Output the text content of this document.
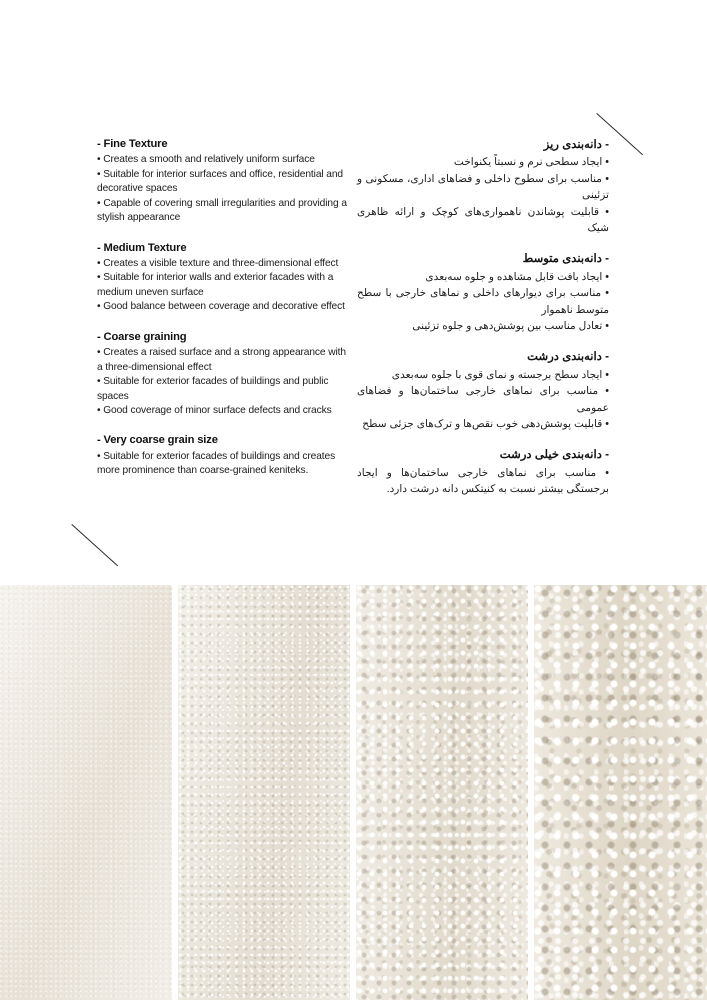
- Fine Texture
• Creates a smooth and relatively uniform surface
• Suitable for interior surfaces and office, residential and decorative spaces
• Capable of covering small irregularities and providing a stylish appearance
- Medium Texture
• Creates a visible texture and three-dimensional effect
• Suitable for interior walls and exterior facades with a medium uneven surface
• Good balance between coverage and decorative effect
- Coarse graining
• Creates a raised surface and a strong appearance with a three-dimensional effect
• Suitable for exterior facades of buildings and public spaces
• Good coverage of minor surface defects and cracks
- Very coarse grain size
• Suitable for exterior facades of buildings and creates more prominence than coarse-grained keniteks.
- دانه‌بندی ریز
• ایجاد سطحی نرم و نسبتاً یکنواخت
• مناسب برای سطوح داخلی و فضاهای اداری، مسکونی و تزئینی
• قابلیت پوشاندن ناهمواری‌های کوچک و ارائه ظاهری شیک
- دانه‌بندی متوسط
• ایجاد بافت قابل مشاهده و جلوه سه‌بعدی
• مناسب برای دیوارهای داخلی و نماهای خارجی با سطح متوسط ناهموار
• تعادل مناسب بین پوشش‌دهی و جلوه تزئینی
- دانه‌بندی درشت
• ایجاد سطح برجسته و نمای قوی با جلوه سه‌بعدی
• مناسب برای نماهای خارجی ساختمان‌ها و فضاهای عمومی
• قابلیت پوشش‌دهی خوب نقص‌ها و ترک‌های جزئی سطح
- دانه‌بندی خیلی درشت
• مناسب برای نماهای خارجی ساختمان‌ها و ایجاد برجستگی بیشتر نسبت به کنیتکس دانه درشت دارد.
